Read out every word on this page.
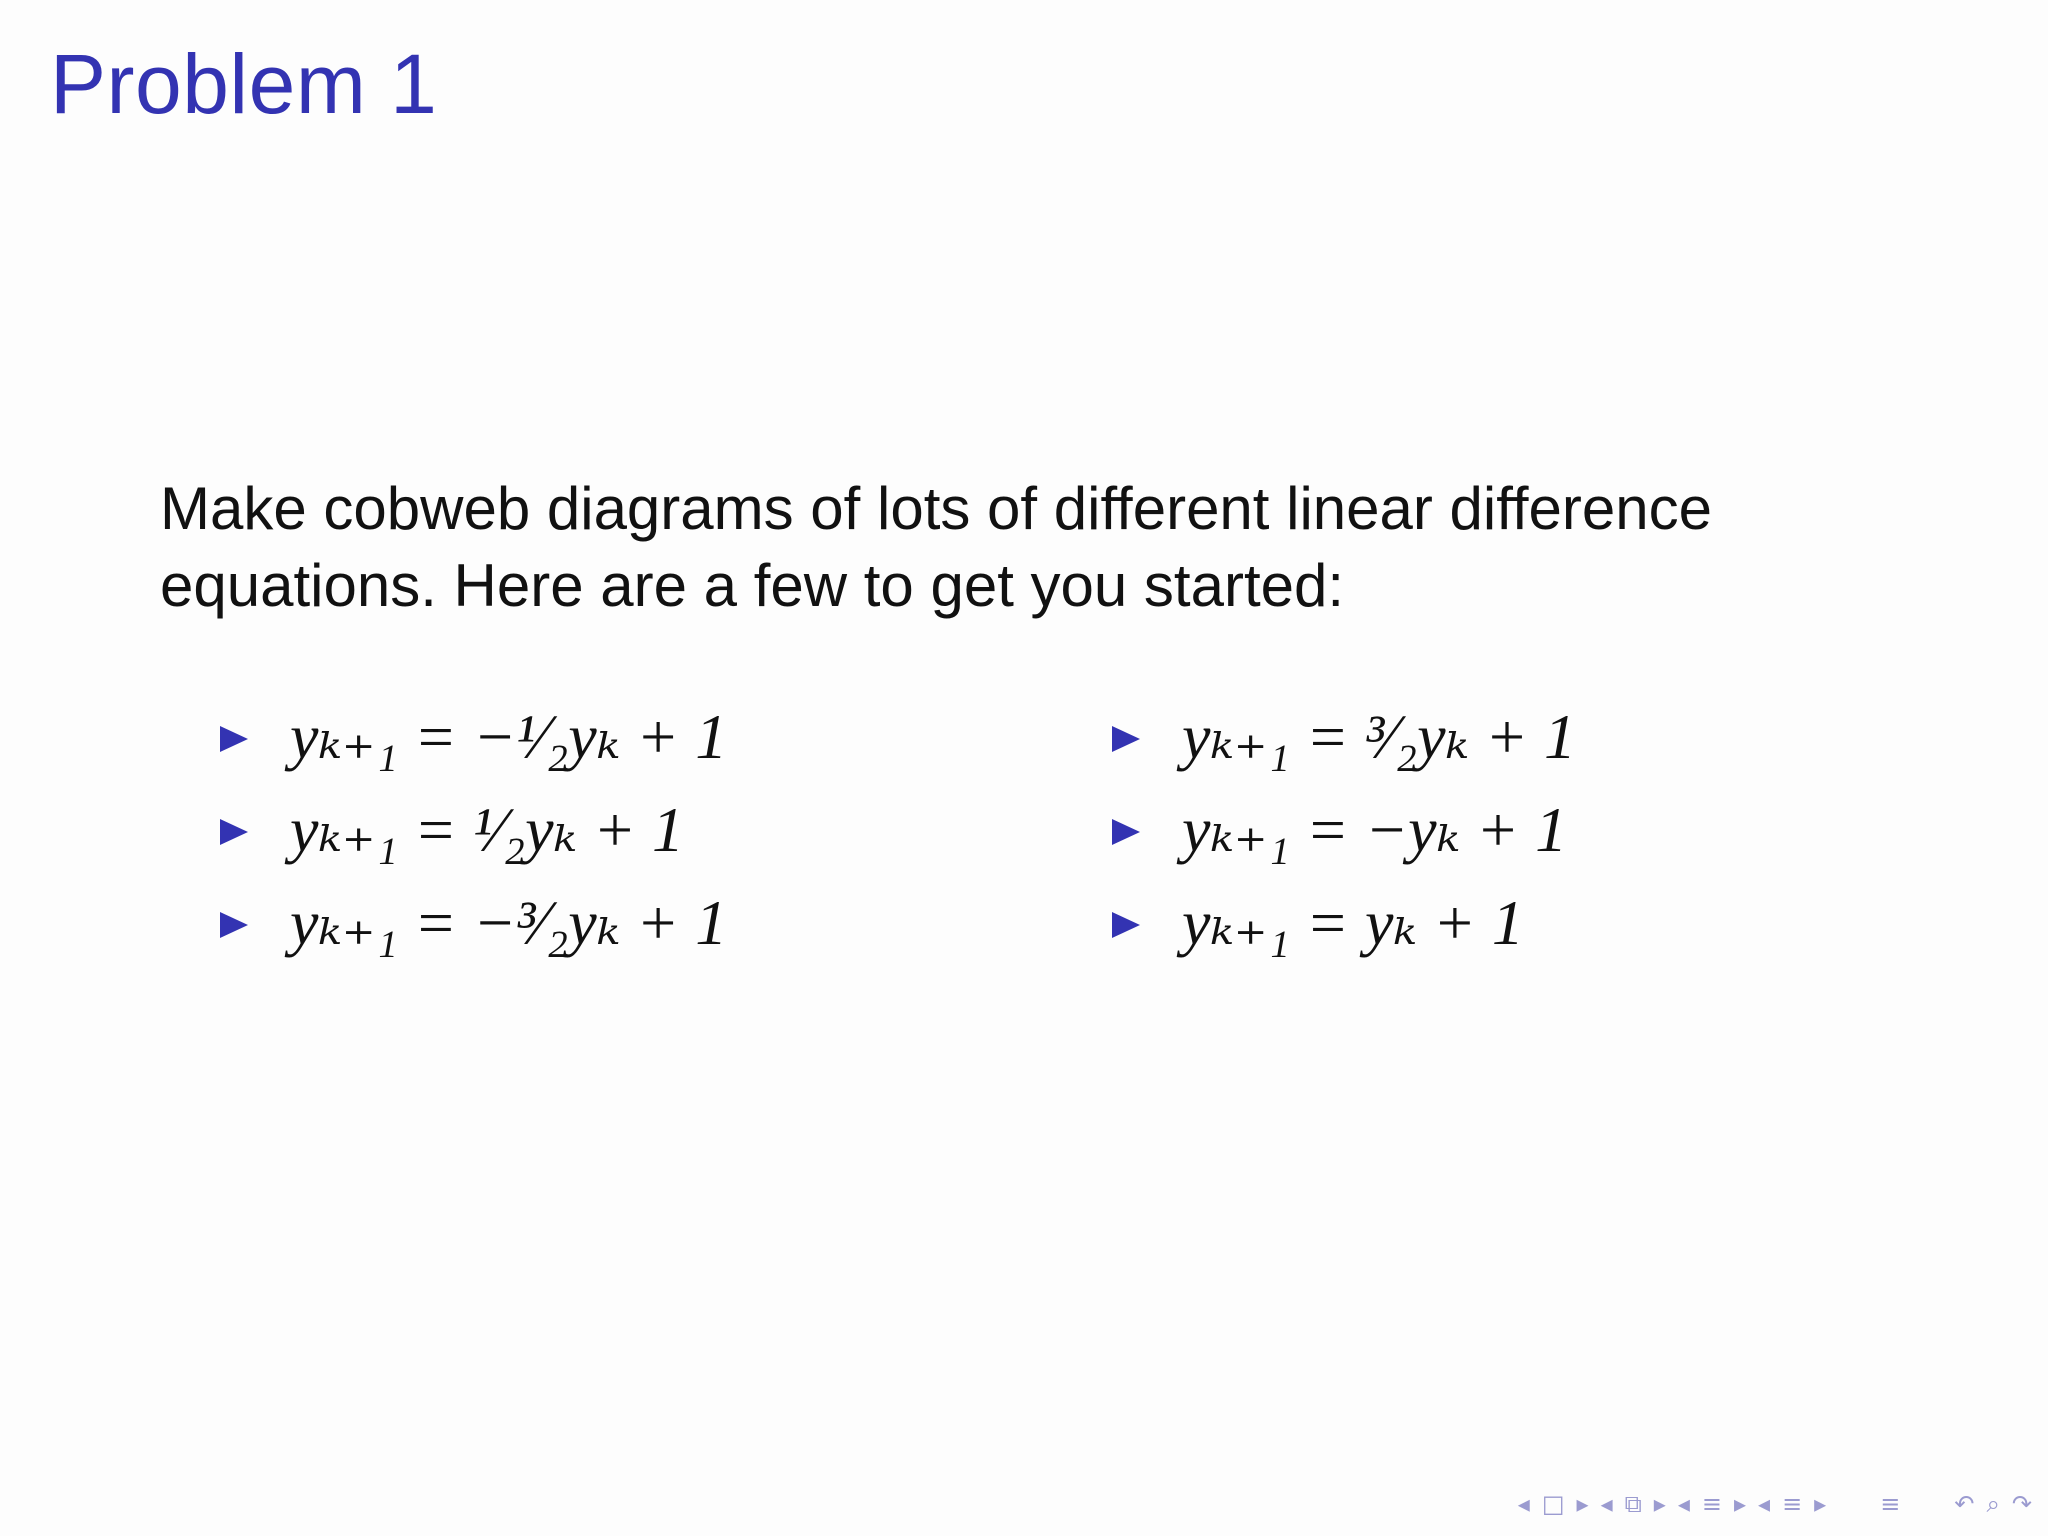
Problem 1

Make cobweb diagrams of lots of different linear difference equations. Here are a few to get you started:

yₖ₊₁ = −¹⁄₂yₖ + 1
yₖ₊₁ = ¹⁄₂yₖ + 1
yₖ₊₁ = −³⁄₂yₖ + 1
yₖ₊₁ = ³⁄₂yₖ + 1
yₖ₊₁ = −yₖ + 1
yₖ₊₁ = yₖ + 1
◂ □ ▸ ◂ ⧉ ▸ ◂ ≡ ▸ ◂ ≡ ▸ ≡ ↶ ⌕ ↷
